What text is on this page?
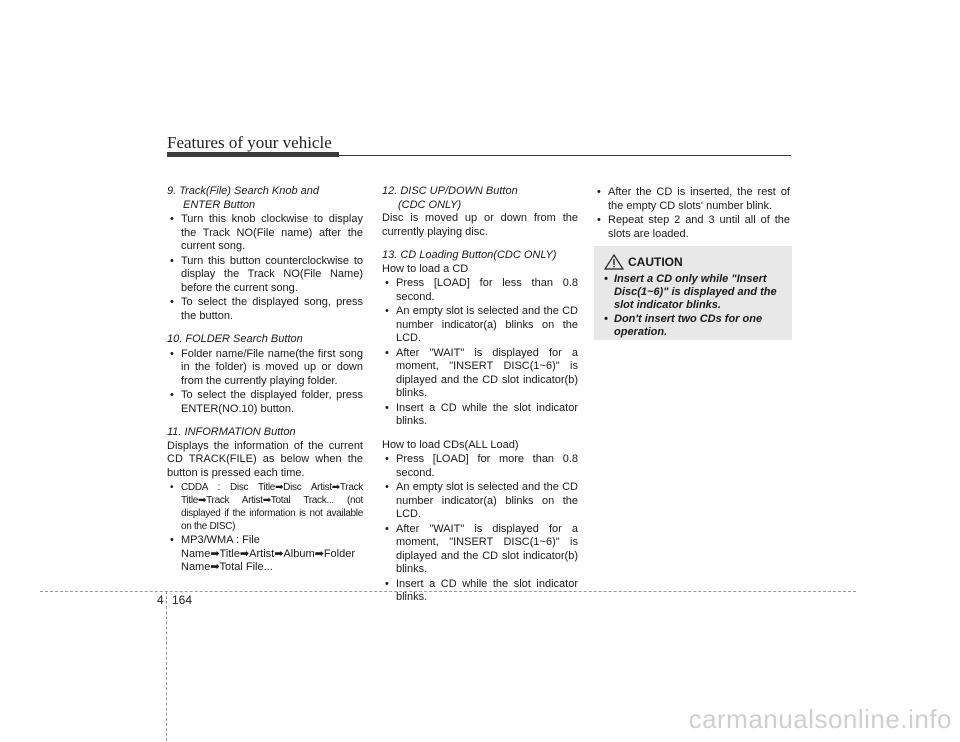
Features of your vehicle
9. Track(File) Search Knob and
ENTER Button
• Turn this knob clockwise to display the Track NO(File name) after the current song.
• Turn this button counterclockwise to display the Track NO(File Name) before the current song.
• To select the displayed song, press the button.
10. FOLDER Search Button
• Folder name/File name(the first song in the folder) is moved up or down from the currently playing folder.
• To select the displayed folder, press ENTER(NO.10) button.
11. INFORMATION Button
Displays the information of the current CD TRACK(FILE) as below when the button is pressed each time.
• CDDA : Disc Title➡Disc Artist➡Track Title➡Track Artist➡Total Track... (not displayed if the information is not available on the DISC)
• MP3/WMA : File Name➡Title➡Artist➡Album➡Folder Name➡Total File...
12. DISC UP/DOWN Button
(CDC ONLY)
Disc is moved up or down from the currently playing disc.
13. CD Loading Button(CDC ONLY)
How to load a CD
• Press [LOAD] for less than 0.8 second.
• An empty slot is selected and the CD number indicator(a) blinks on the LCD.
• After "WAIT" is displayed for a moment, "INSERT DISC(1~6)" is diplayed and the CD slot indicator(b) blinks.
• Insert a CD while the slot indicator blinks.
How to load CDs(ALL Load)
• Press [LOAD] for more than 0.8 second.
• An empty slot is selected and the CD number indicator(a) blinks on the LCD.
• After "WAIT" is displayed for a moment, "INSERT DISC(1~6)" is diplayed and the CD slot indicator(b) blinks.
• Insert a CD while the slot indicator blinks.
• After the CD is inserted, the rest of the empty CD slots' number blink.
• Repeat step 2 and 3 until all of the slots are loaded.
CAUTION
• Insert a CD only while "Insert Disc(1~6)" is displayed and the slot indicator blinks.
• Don't insert two CDs for one operation.
4 164
carmanualsonline.info
